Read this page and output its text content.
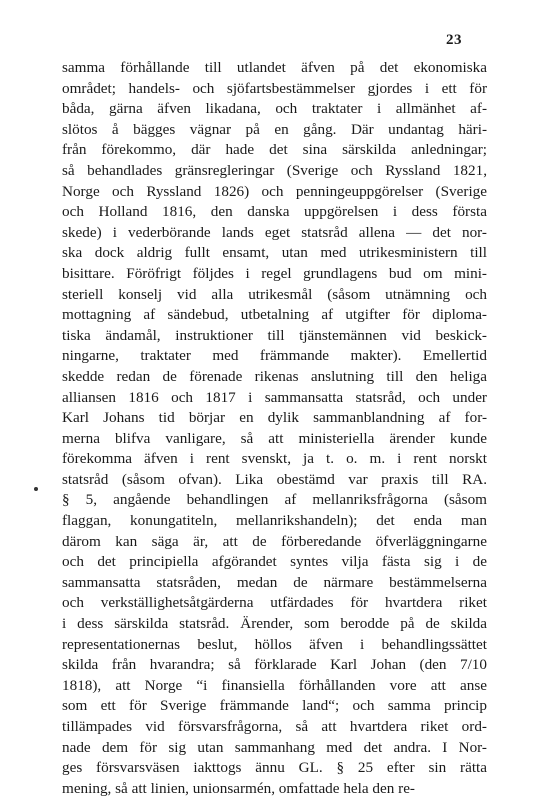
23
samma förhållande till utlandet äfven på det ekonomiska
området; handels- och sjöfartsbestämmelser gjordes i ett för
båda, gärna äfven likadana, och traktater i allmänhet af-
slötos å bägges vägnar på en gång. Där undantag häri-
från förekommo, där hade det sina särskilda anledningar;
så behandlades gränsregleringar (Sverige och Ryssland 1821,
Norge och Ryssland 1826) och penningeuppgörelser (Sverige
och Holland 1816, den danska uppgörelsen i dess första
skede) i vederbörande lands eget statsråd allena — det nor-
ska dock aldrig fullt ensamt, utan med utrikesministern till
bisittare. Föröfrigt följdes i regel grundlagens bud om mini-
steriell konselj vid alla utrikesmål (såsom utnämning och
mottagning af sändebud, utbetalning af utgifter för diploma-
tiska ändamål, instruktioner till tjänstemännen vid beskick-
ningarne, traktater med främmande makter). Emellertid
skedde redan de förenade rikenas anslutning till den heliga
alliansen 1816 och 1817 i sammansatta statsråd, och under
Karl Johans tid börjar en dylik sammanblandning af for-
merna blifva vanligare, så att ministeriella ärender kunde
förekomma äfven i rent svenskt, ja t. o. m. i rent norskt
statsråd (såsom ofvan). Lika obestämd var praxis till RA.
§ 5, angående behandlingen af mellanriksfrågorna (såsom
flaggan, konungatiteln, mellanrikshandeln); det enda man
därom kan säga är, att de förberedande öfverläggningarne
och det principiella afgörandet syntes vilja fästa sig i de
sammansatta statsråden, medan de närmare bestämmelserna
och verkställighetsåtgärderna utfärdades för hvartdera riket
i dess särskilda statsråd. Ärender, som berodde på de skilda
representationernas beslut, höllos äfven i behandlingssättet
skilda från hvarandra; så förklarade Karl Johan (den 7/10
1818), att Norge “i finansiella förhållanden vore att anse
som ett för Sverige främmande land“; och samma princip
tillämpades vid försvarsfrågorna, så att hvartdera riket ord-
nade dem för sig utan sammanhang med det andra. I Nor-
ges försvarsväsen iakttogs ännu GL. § 25 efter sin rätta
mening, så att linien, unionsarmén, omfattade hela den re-
